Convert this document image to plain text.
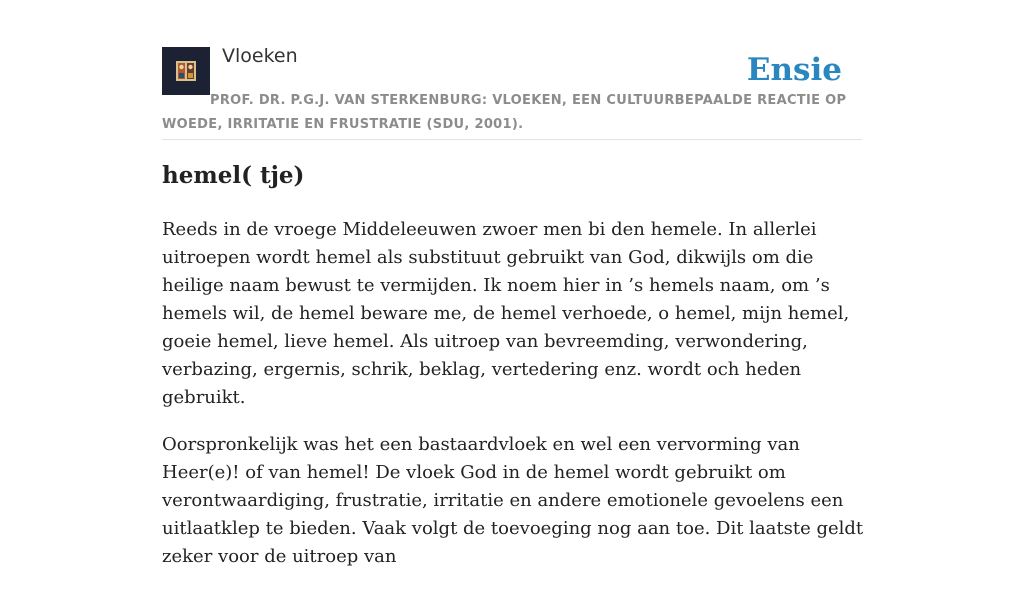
Vloeken	Ensie
PROF. DR. P.G.J. VAN STERKENBURG: VLOEKEN, EEN CULTUURBEPAALDE REACTIE OP WOEDE, IRRITATIE EN FRUSTRATIE (SDU, 2001).
hemel( tje)

Reeds in de vroege Middeleeuwen zwoer men bi den hemele. In allerlei uitroepen wordt hemel als substituut gebruikt van God, dikwijls om die heilige naam bewust te vermijden. Ik noem hier in ’s hemels naam, om ’s hemels wil, de hemel beware me, de hemel verhoede, o hemel, mijn hemel, goeie hemel, lieve hemel. Als uitroep van bevreemding, verwondering, verbazing, ergernis, schrik, beklag, vertedering enz. wordt och heden gebruikt.

Oorspronkelijk was het een bastaardvloek en wel een vervorming van Heer(e)! of van hemel! De vloek God in de hemel wordt gebruikt om verontwaardiging, frustratie, irritatie en andere emotionele gevoelens een uitlaatklep te bieden. Vaak volgt de toevoeging nog aan toe. Dit laatste geldt zeker voor de uitroep van
